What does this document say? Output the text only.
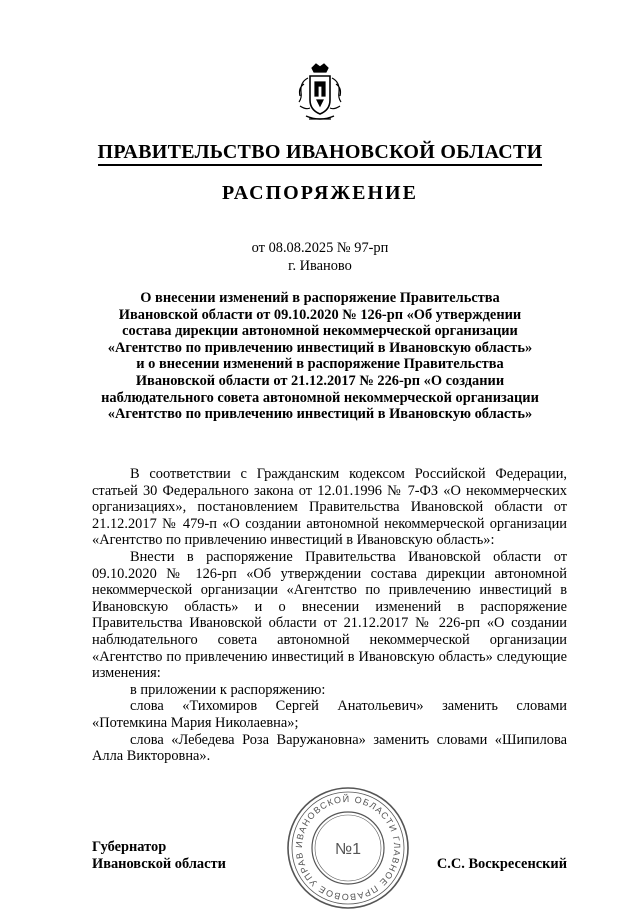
ПРАВИТЕЛЬСТВО ИВАНОВСКОЙ ОБЛАСТИ
РАСПОРЯЖЕНИЕ
от 08.08.2025 № 97-рп
г. Иваново
О внесении изменений в распоряжение Правительства
Ивановской области от 09.10.2020 № 126-рп «Об утверждении
состава дирекции автономной некоммерческой организации
«Агентство по привлечению инвестиций в Ивановскую область»
и о внесении изменений в распоряжение Правительства
Ивановской области от 21.12.2017 № 226-рп «О создании
наблюдательного совета автономной некоммерческой организации
«Агентство по привлечению инвестиций в Ивановскую область»

В соответствии с Гражданским кодексом Российской Федерации, статьей 30 Федерального закона от 12.01.1996 № 7-ФЗ «О некоммерческих организациях», постановлением Правительства Ивановской области от 21.12.2017 № 479-п «О создании автономной некоммерческой организации «Агентство по привлечению инвестиций в Ивановскую область»:

Внести в распоряжение Правительства Ивановской области от 09.10.2020 № 126-рп «Об утверждении состава дирекции автономной некоммерческой организации «Агентство по привлечению инвестиций в Ивановскую область» и о внесении изменений в распоряжение Правительства Ивановской области от 21.12.2017 № 226-рп «О создании наблюдательного совета автономной некоммерческой организации «Агентство по привлечению инвестиций в Ивановскую область» следующие изменения:

в приложении к распоряжению:

слова «Тихомиров Сергей Анатольевич» заменить словами «Потемкина Мария Николаевна»;

слова «Лебедева Роза Варужановна» заменить словами «Шипилова Алла Викторовна».

Губернатор
Ивановской области	С.С. Воскресенский
ИВАНОВСКОЙ ОБЛАСТИ ГЛАВНОЕ ПРАВОВОЕ УПРАВ	№1
